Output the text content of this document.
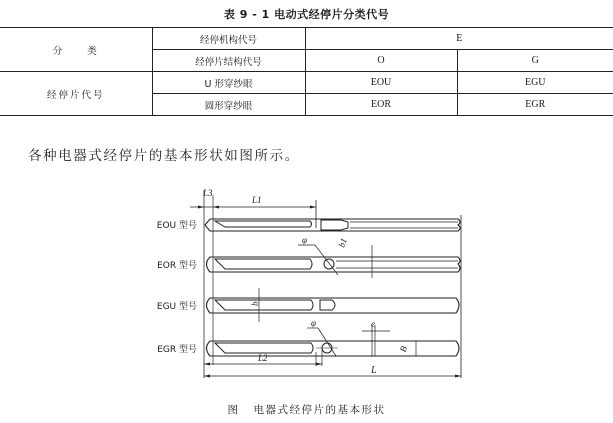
表 9 - 1 电动式经停片分类代号
分　　类	经停机构代号	E	
	经停片结构代号	O	G
经停片代号	U 形穿纱眼	EOU	EGU
	圆形穿纱眼	EOR	EGR
各种电器式经停片的基本形状如图所示。
L3
L1
φ	b1
b
φ	e
B
L2
L
EOU 型号
EOR 型号
EGU 型号
EGR 型号
图 电器式经停片的基本形状
